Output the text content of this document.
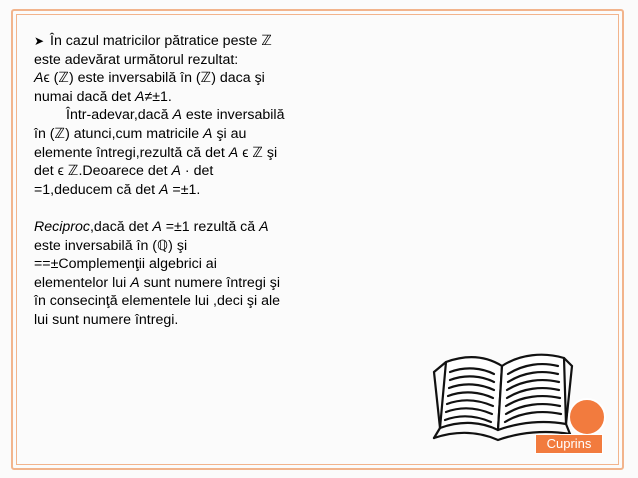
➤ În cazul matricilor pătratice peste ℤ
este adevărat următorul rezultat:
Aϵ (ℤ) este inversabilă în (ℤ) daca şi
numai dacă det A≠±1.
Într-adevar,dacă A este inversabilă
în (ℤ) atunci,cum matricile A şi au
elemente întregi,rezultă că det A ϵ ℤ şi
det ϵ ℤ.Deoarece det A · det
=1,deducem că det A =±1.
Reciproc,dacă det A =±1 rezultă că A
este inversabilă în (ℚ) şi
==±Complemenţii algebrici ai
elementelor lui A sunt numere întregi şi
în consecinţă elementele lui ,deci şi ale
lui sunt numere întregi.
Cuprins
